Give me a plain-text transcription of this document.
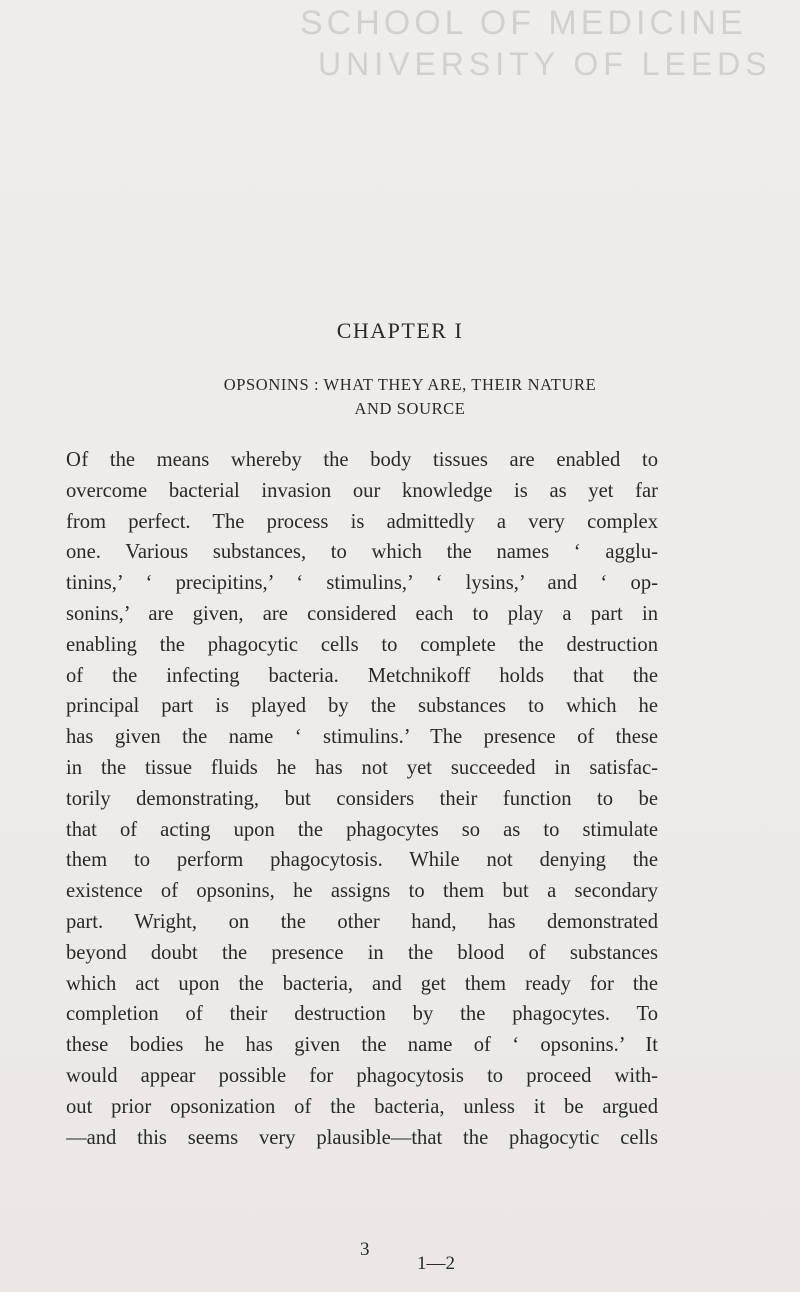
SCHOOL OF MEDICINE
UNIVERSITY OF LEEDS
CHAPTER I
OPSONINS : WHAT THEY ARE, THEIR NATURE
AND SOURCE
Of the means whereby the body tissues are enabled to
overcome bacterial invasion our knowledge is as yet far
from perfect. The process is admittedly a very complex
one. Various substances, to which the names ‘ agglu-
tinins,’ ‘ precipitins,’ ‘ stimulins,’ ‘ lysins,’ and ‘ op-
sonins,’ are given, are considered each to play a part in
enabling the phagocytic cells to complete the destruction
of the infecting bacteria. Metchnikoff holds that the
principal part is played by the substances to which he
has given the name ‘ stimulins.’ The presence of these
in the tissue fluids he has not yet succeeded in satisfac-
torily demonstrating, but considers their function to be
that of acting upon the phagocytes so as to stimulate
them to perform phagocytosis. While not denying the
existence of opsonins, he assigns to them but a secondary
part. Wright, on the other hand, has demonstrated
beyond doubt the presence in the blood of substances
which act upon the bacteria, and get them ready for the
completion of their destruction by the phagocytes. To
these bodies he has given the name of ‘ opsonins.’ It
would appear possible for phagocytosis to proceed with-
out prior opsonization of the bacteria, unless it be argued
—and this seems very plausible—that the phagocytic cells
3
1—2
